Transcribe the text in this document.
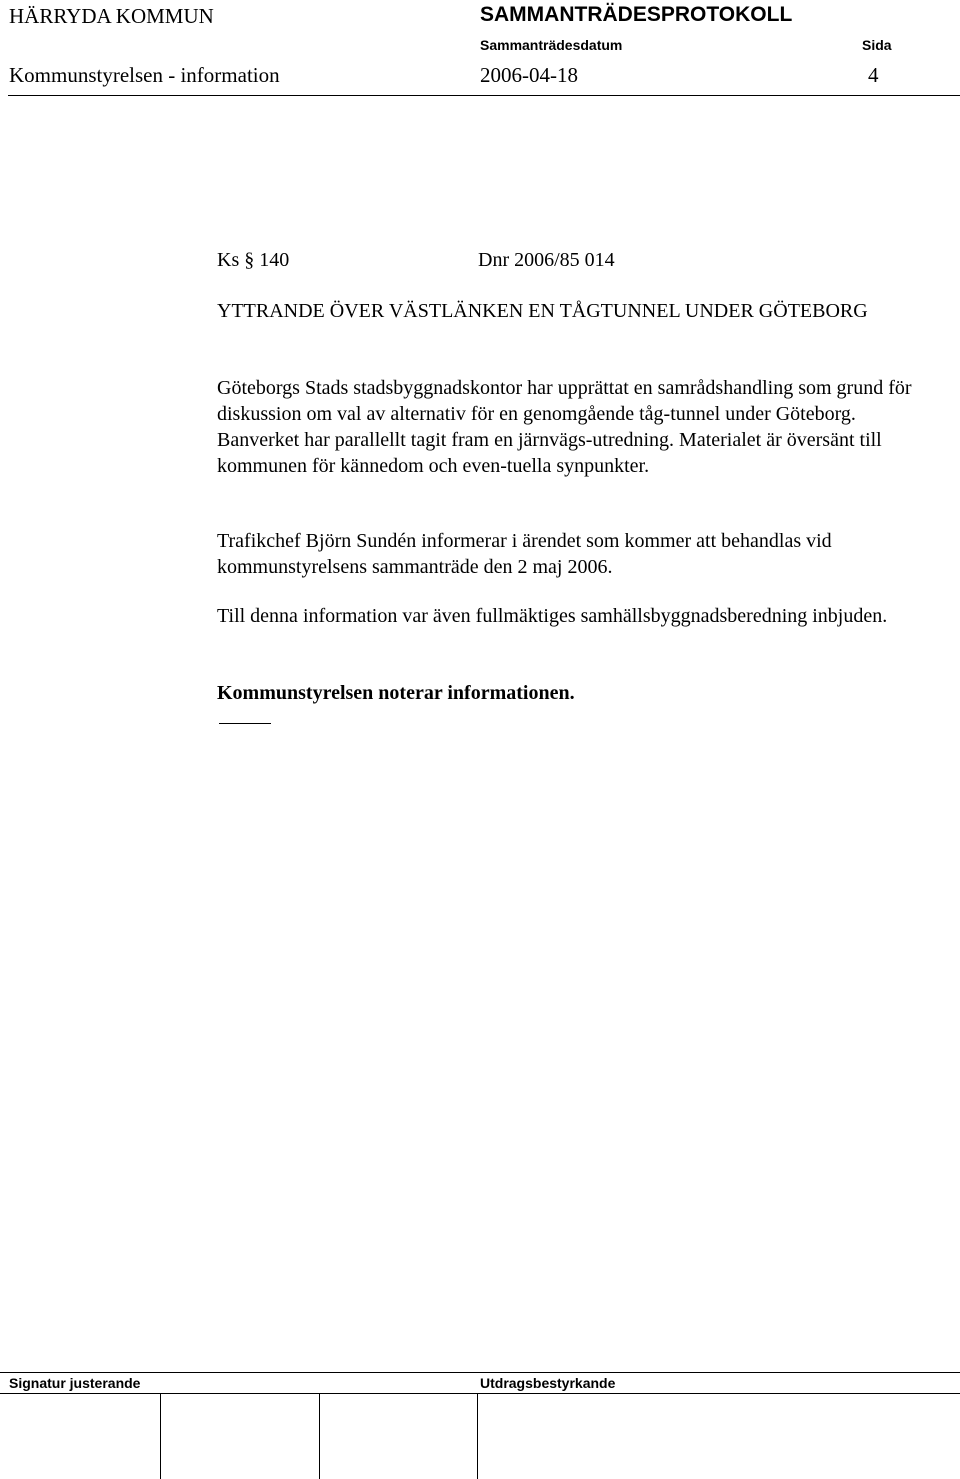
HÄRRYDA KOMMUN	SAMMANTRÄDESPROTOKOLL
Sammanträdesdatum	Sida
Kommunstyrelsen - information	2006-04-18	4
Ks § 140	Dnr 2006/85 014
YTTRANDE ÖVER VÄSTLÄNKEN EN TÅGTUNNEL UNDER GÖTEBORG

Göteborgs Stads stadsbyggnadskontor har upprättat en samrådshandling som grund för diskussion om val av alternativ för en genomgående tåg-tunnel under Göteborg. Banverket har parallellt tagit fram en järnvägs-utredning. Materialet är översänt till kommunen för kännedom och even-tuella synpunkter.

Trafikchef Björn Sundén informerar i ärendet som kommer att behandlas vid kommunstyrelsens sammanträde den 2 maj 2006.

Till denna information var även fullmäktiges samhällsbyggnadsberedning inbjuden.

Kommunstyrelsen noterar informationen.

Signatur justerande	Utdragsbestyrkande
